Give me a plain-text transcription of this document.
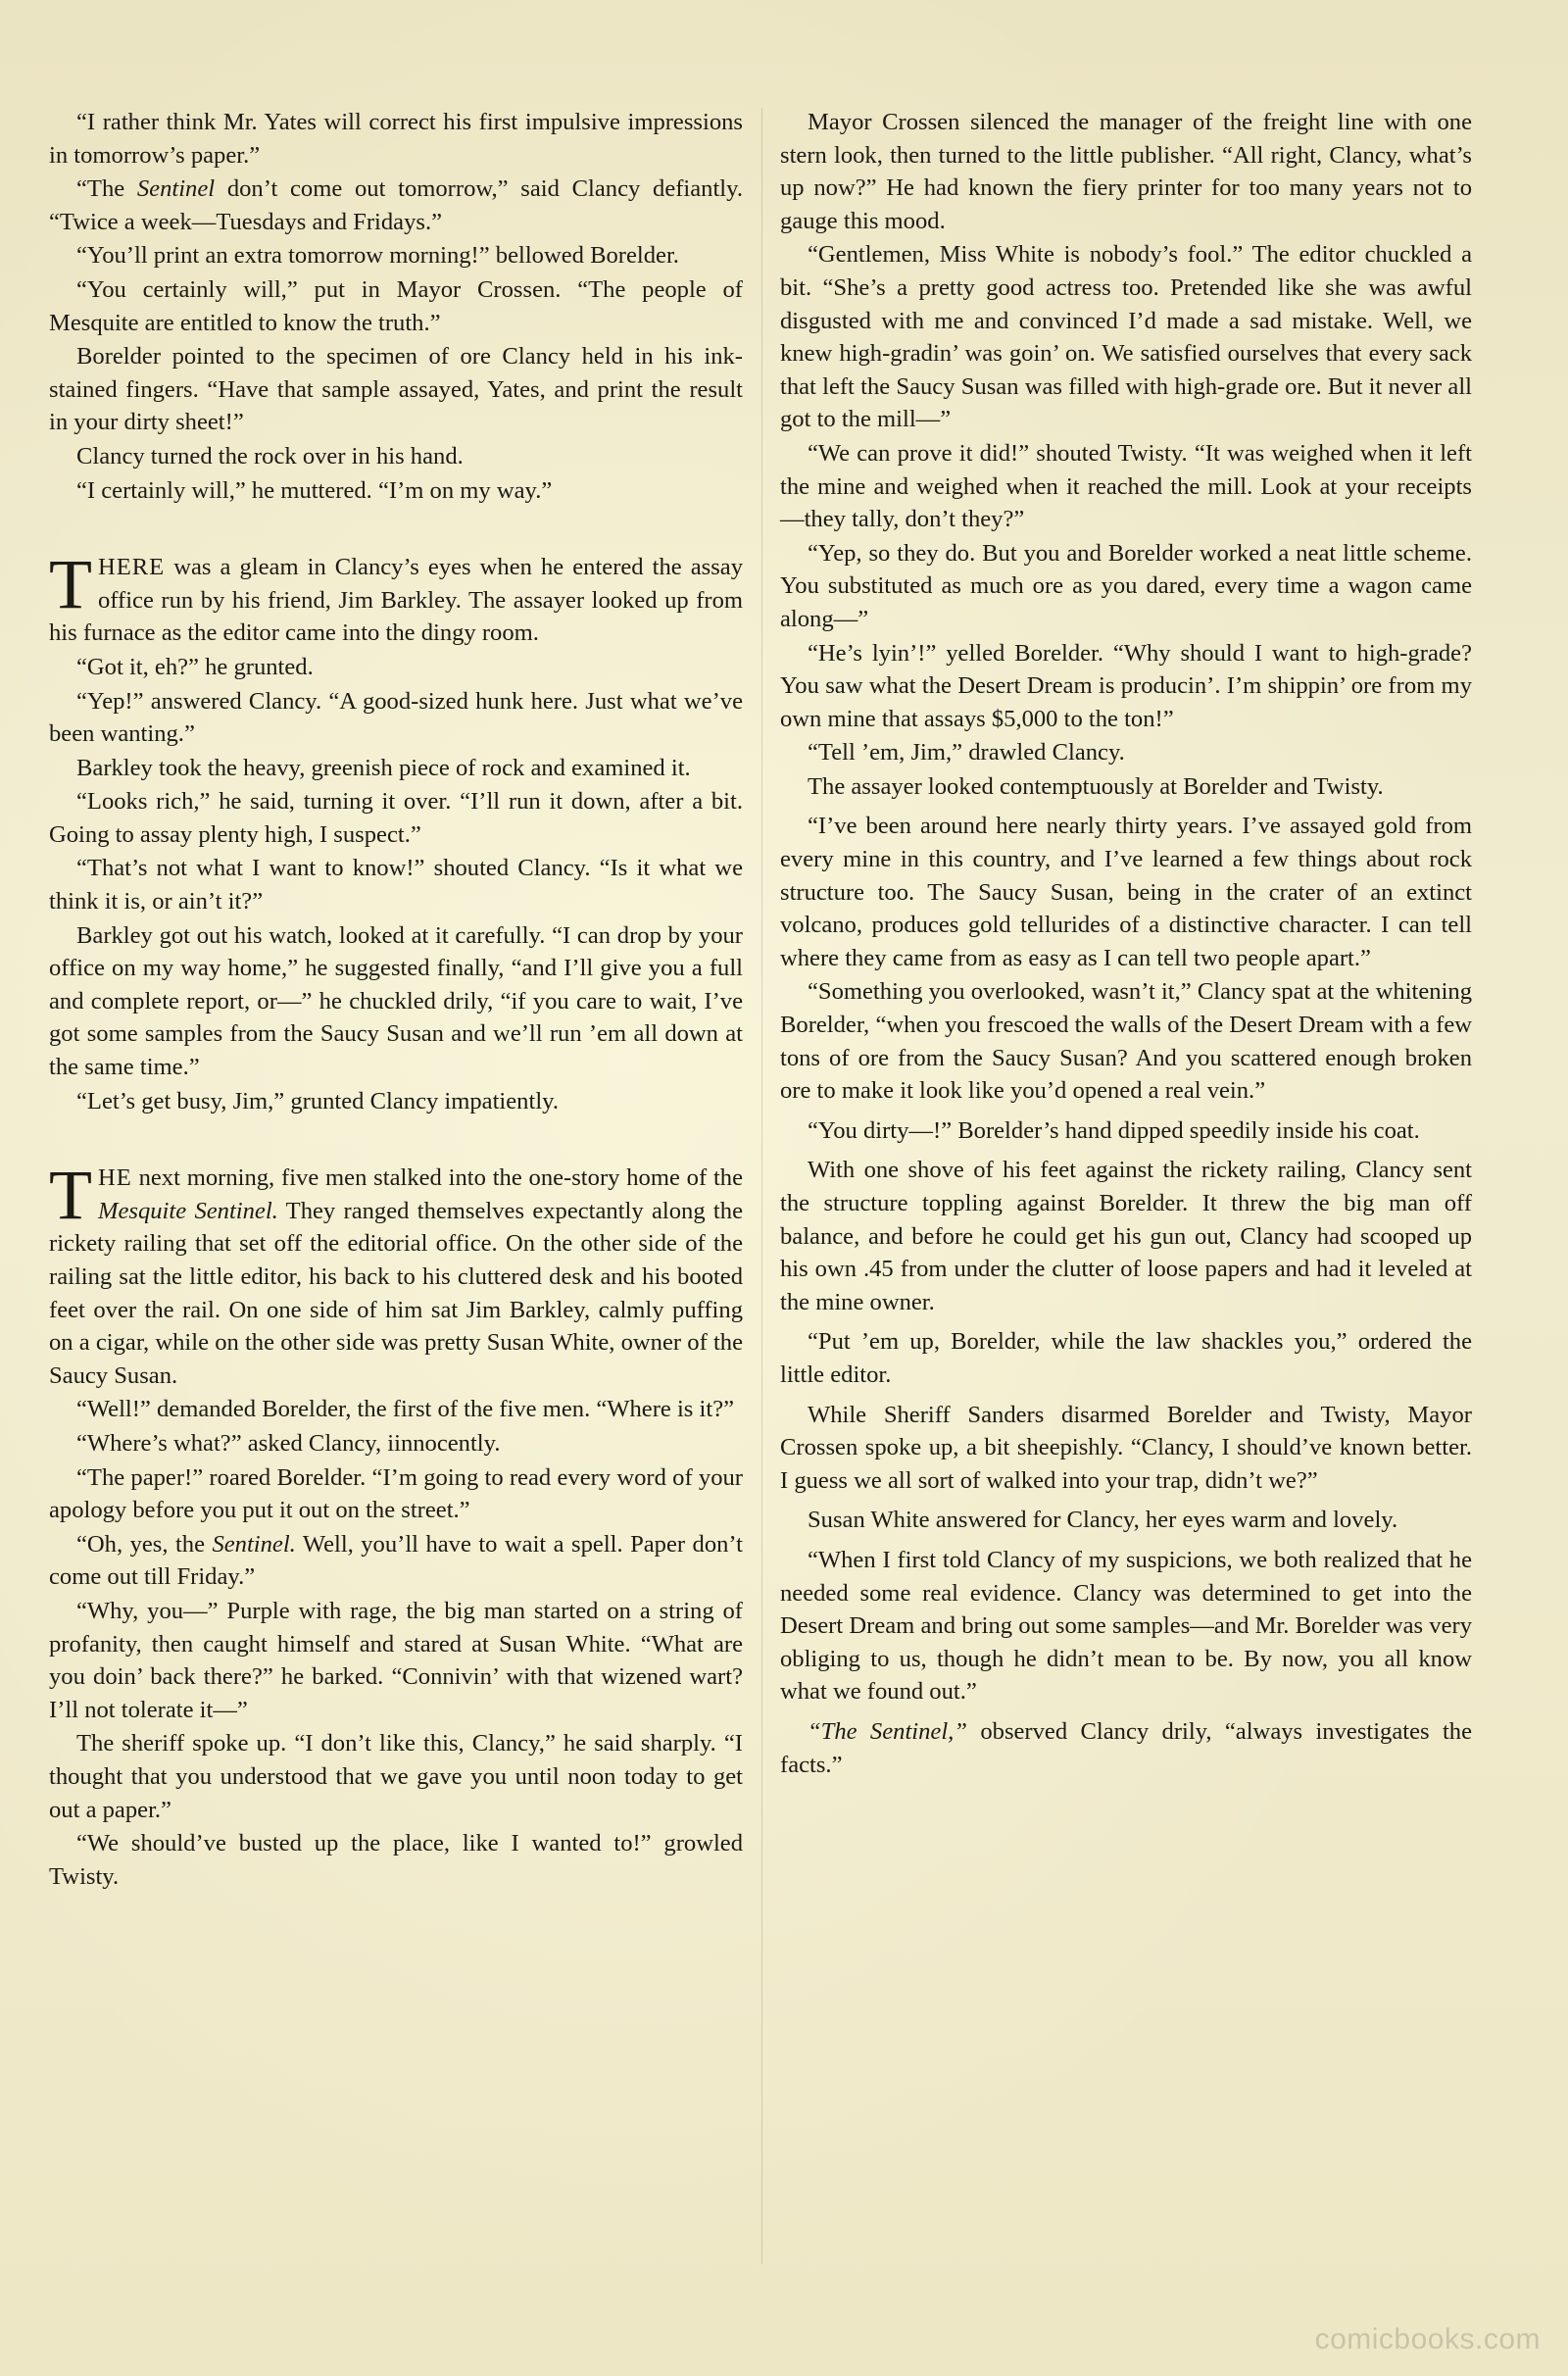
“I rather think Mr. Yates will correct his first impulsive impressions in tomorrow’s paper.”

“The Sentinel don’t come out tomorrow,” said Clancy defiantly. “Twice a week—Tuesdays and Fridays.”

“You’ll print an extra tomorrow morning!” bellowed Borelder.

“You certainly will,” put in Mayor Crossen. “The people of Mesquite are entitled to know the truth.”

Borelder pointed to the specimen of ore Clancy held in his ink-stained fingers. “Have that sample assayed, Yates, and print the result in your dirty sheet!”

Clancy turned the rock over in his hand.

“I certainly will,” he muttered. “I’m on my way.”

THERE was a gleam in Clancy’s eyes when he entered the assay office run by his friend, Jim Barkley. The assayer looked up from his furnace as the editor came into the dingy room.

“Got it, eh?” he grunted.

“Yep!” answered Clancy. “A good-sized hunk here. Just what we’ve been wanting.”

Barkley took the heavy, greenish piece of rock and examined it.

“Looks rich,” he said, turning it over. “I’ll run it down, after a bit. Going to assay plenty high, I suspect.”

“That’s not what I want to know!” shouted Clancy. “Is it what we think it is, or ain’t it?”

Barkley got out his watch, looked at it carefully. “I can drop by your office on my way home,” he suggested finally, “and I’ll give you a full and complete report, or—” he chuckled drily, “if you care to wait, I’ve got some samples from the Saucy Susan and we’ll run ’em all down at the same time.”

“Let’s get busy, Jim,” grunted Clancy impatiently.

THE next morning, five men stalked into the one-story home of the Mesquite Sentinel. They ranged themselves expectantly along the rickety railing that set off the editorial office. On the other side of the railing sat the little editor, his back to his cluttered desk and his booted feet over the rail. On one side of him sat Jim Barkley, calmly puffing on a cigar, while on the other side was pretty Susan White, owner of the Saucy Susan.

“Well!” demanded Borelder, the first of the five men. “Where is it?”

“Where’s what?” asked Clancy, iinnocently.

“The paper!” roared Borelder. “I’m going to read every word of your apology before you put it out on the street.”

“Oh, yes, the Sentinel. Well, you’ll have to wait a spell. Paper don’t come out till Friday.”

“Why, you—” Purple with rage, the big man started on a string of profanity, then caught himself and stared at Susan White. “What are you doin’ back there?” he barked. “Connivin’ with that wizened wart? I’ll not tolerate it—”

The sheriff spoke up. “I don’t like this, Clancy,” he said sharply. “I thought that you understood that we gave you until noon today to get out a paper.”

“We should’ve busted up the place, like I wanted to!” growled Twisty.

Mayor Crossen silenced the manager of the freight line with one stern look, then turned to the little publisher. “All right, Clancy, what’s up now?” He had known the fiery printer for too many years not to gauge this mood.

“Gentlemen, Miss White is nobody’s fool.” The editor chuckled a bit. “She’s a pretty good actress too. Pretended like she was awful disgusted with me and convinced I’d made a sad mistake. Well, we knew high-gradin’ was goin’ on. We satisfied ourselves that every sack that left the Saucy Susan was filled with high-grade ore. But it never all got to the mill—”

“We can prove it did!” shouted Twisty. “It was weighed when it left the mine and weighed when it reached the mill. Look at your receipts—they tally, don’t they?”

“Yep, so they do. But you and Borelder worked a neat little scheme. You substituted as much ore as you dared, every time a wagon came along—”

“He’s lyin’!” yelled Borelder. “Why should I want to high-grade? You saw what the Desert Dream is producin’. I’m shippin’ ore from my own mine that assays $5,000 to the ton!”

“Tell ’em, Jim,” drawled Clancy.

The assayer looked contemptuously at Borelder and Twisty.

“I’ve been around here nearly thirty years. I’ve assayed gold from every mine in this country, and I’ve learned a few things about rock structure too. The Saucy Susan, being in the crater of an extinct volcano, produces gold tellurides of a distinctive character. I can tell where they came from as easy as I can tell two people apart.”

“Something you overlooked, wasn’t it,” Clancy spat at the whitening Borelder, “when you frescoed the walls of the Desert Dream with a few tons of ore from the Saucy Susan? And you scattered enough broken ore to make it look like you’d opened a real vein.”

“You dirty—!” Borelder’s hand dipped speedily inside his coat.

With one shove of his feet against the rickety railing, Clancy sent the structure toppling against Borelder. It threw the big man off balance, and before he could get his gun out, Clancy had scooped up his own .45 from under the clutter of loose papers and had it leveled at the mine owner.

“Put ’em up, Borelder, while the law shackles you,” ordered the little editor.

While Sheriff Sanders disarmed Borelder and Twisty, Mayor Crossen spoke up, a bit sheepishly. “Clancy, I should’ve known better. I guess we all sort of walked into your trap, didn’t we?”

Susan White answered for Clancy, her eyes warm and lovely.

“When I first told Clancy of my suspicions, we both realized that he needed some real evidence. Clancy was determined to get into the Desert Dream and bring out some samples—and Mr. Borelder was very obliging to us, though he didn’t mean to be. By now, you all know what we found out.”

“The Sentinel,” observed Clancy drily, “always investigates the facts.”

comicbooks.com
